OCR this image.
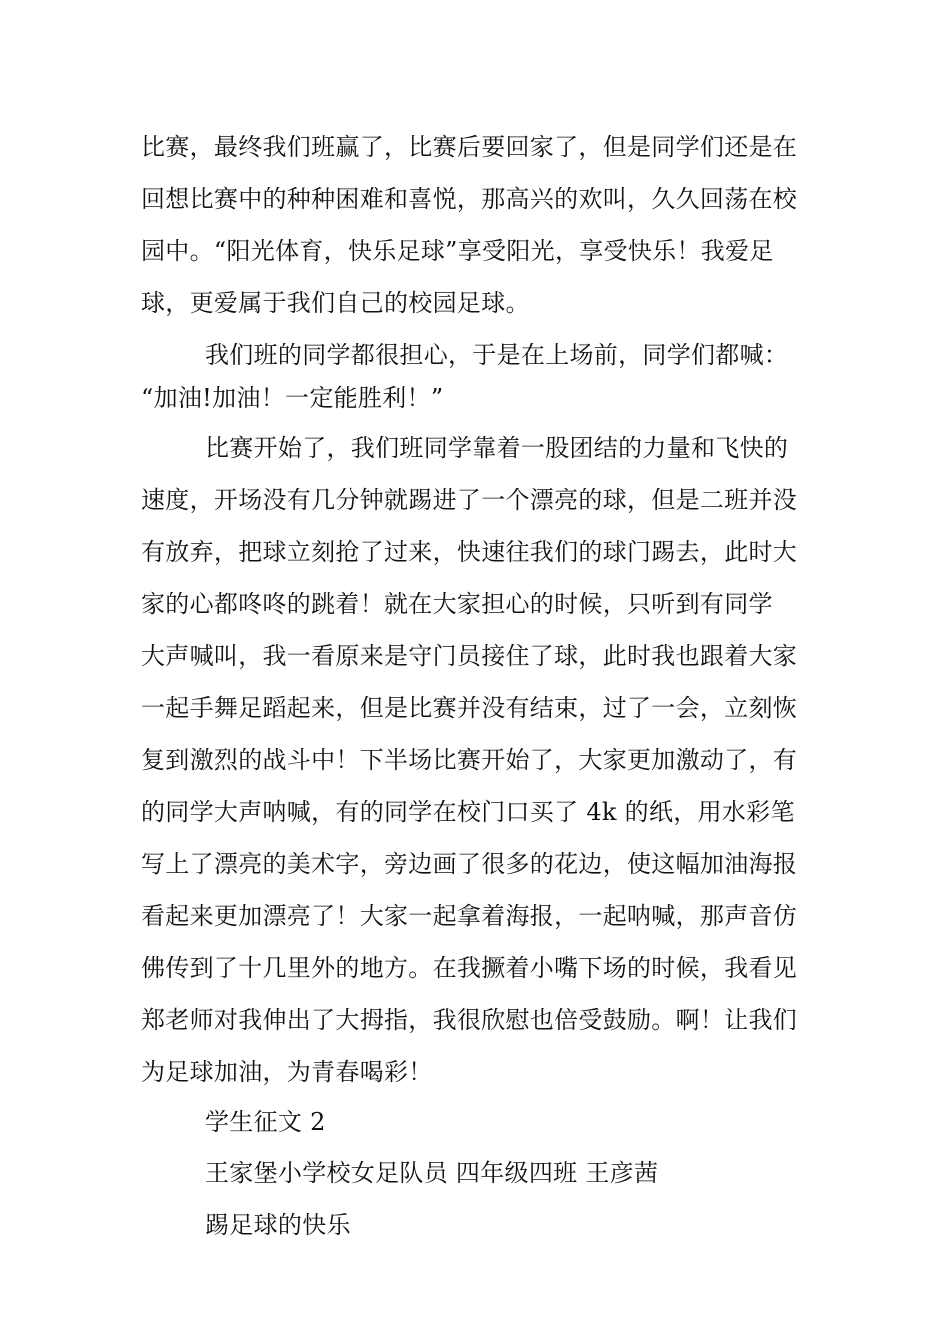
比赛，最终我们班赢了，比赛后要回家了，但是同学们还是在
回想比赛中的种种困难和喜悦，那高兴的欢叫，久久回荡在校
园中。“阳光体育，快乐足球”享受阳光，享受快乐！我爱足
球，更爱属于我们自己的校园足球。
我们班的同学都很担心，于是在上场前，同学们都喊：
“加油!加油！一定能胜利！”
比赛开始了，我们班同学靠着一股团结的力量和飞快的
速度，开场没有几分钟就踢进了一个漂亮的球，但是二班并没
有放弃，把球立刻抢了过来，快速往我们的球门踢去，此时大
家的心都咚咚的跳着！就在大家担心的时候，只听到有同学
大声喊叫，我一看原来是守门员接住了球，此时我也跟着大家
一起手舞足蹈起来，但是比赛并没有结束，过了一会，立刻恢
复到激烈的战斗中！下半场比赛开始了，大家更加激动了，有
的同学大声呐喊，有的同学在校门口买了 4k 的纸，用水彩笔
写上了漂亮的美术字，旁边画了很多的花边，使这幅加油海报
看起来更加漂亮了！大家一起拿着海报，一起呐喊，那声音仿
佛传到了十几里外的地方。在我撅着小嘴下场的时候，我看见
郑老师对我伸出了大拇指，我很欣慰也倍受鼓励。啊！让我们
为足球加油，为青春喝彩！
学生征文 2
王家堡小学校女足队员 四年级四班 王彦茜
踢足球的快乐
